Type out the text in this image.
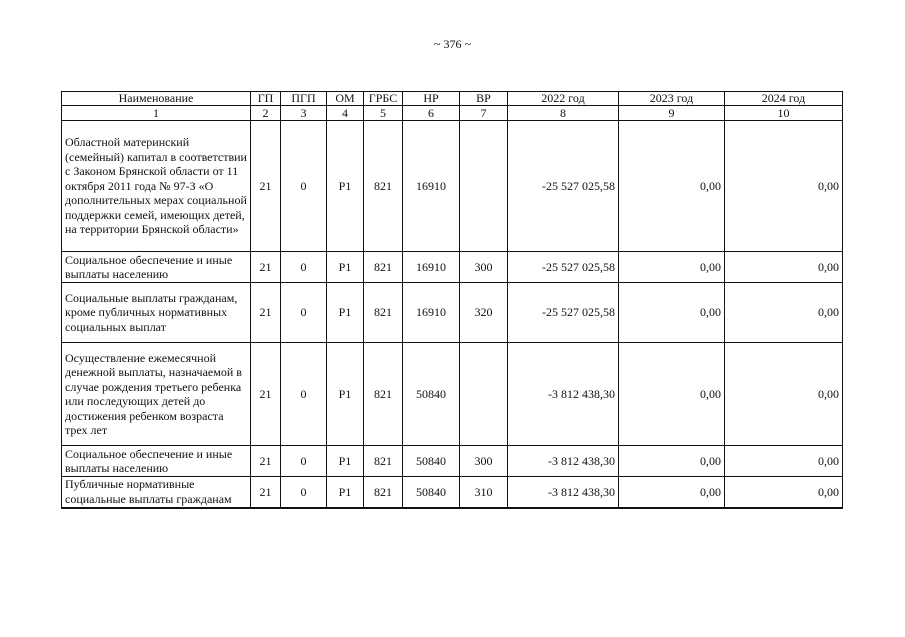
~ 376 ~
Наименование	ГП	ПГП	ОМ	ГРБС	НР	ВР	2022 год	2023 год	2024 год
1	2	3	4	5	6	7	8	9	10
Областной материнский (семейный) капитал в соответствии с Законом Брянской области от 11 октября 2011 года № 97-З «О дополнительных мерах социальной поддержки семей, имеющих детей, на территории Брянской области»	21	0	P1	821	16910		-25 527 025,58	0,00	0,00
Социальное обеспечение и иные выплаты населению	21	0	P1	821	16910	300	-25 527 025,58	0,00	0,00
Социальные выплаты гражданам, кроме публичных нормативных социальных выплат	21	0	P1	821	16910	320	-25 527 025,58	0,00	0,00
Осуществление ежемесячной денежной выплаты, назначаемой в случае рождения третьего ребенка или последующих детей до достижения ребенком возраста трех лет	21	0	P1	821	50840		-3 812 438,30	0,00	0,00
Социальное обеспечение и иные выплаты населению	21	0	P1	821	50840	300	-3 812 438,30	0,00	0,00
Публичные нормативные социальные выплаты гражданам	21	0	P1	821	50840	310	-3 812 438,30	0,00	0,00
